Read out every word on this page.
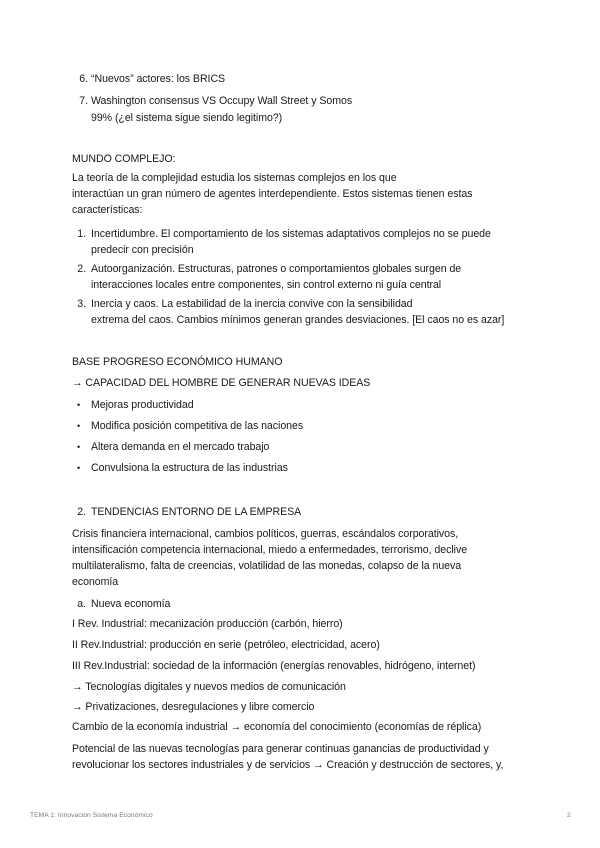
6. “Nuevos” actores: los BRICS
7. Washington consensus VS Occupy Wall Street y Somos
99% (¿el sistema sigue siendo legitimo?)
MUNDO COMPLEJO:
La teoría de la complejidad estudia los sistemas complejos en los que
interactúan un gran número de agentes interdependiente. Estos sistemas tienen estas
características:
1. Incertidumbre. El comportamiento de los sistemas adaptativos complejos no se puede
predecir con precisión
2. Autoorganización. Estructuras, patrones o comportamientos globales surgen de
interacciones locales entre componentes, sin control externo ni guía central
3. Inercia y caos. La estabilidad de la inercia convive con la sensibilidad
extrema del caos. Cambios mínimos generan grandes desviaciones. [El caos no es azar]
BASE PROGRESO ECONÓMICO HUMANO
→ CAPACIDAD DEL HOMBRE DE GENERAR NUEVAS IDEAS
• Mejoras productividad
• Modifica posición competitiva de las naciones
• Altera demanda en el mercado trabajo
• Convulsiona la estructura de las industrias
2. TENDENCIAS ENTORNO DE LA EMPRESA
Crisis financiera internacional, cambios políticos, guerras, escándalos corporativos,
intensificación competencia internacional, miedo a enfermedades, terrorismo, declive
multilateralismo, falta de creencias, volatilidad de las monedas, colapso de la nueva
economía
a. Nueva economía
I Rev. Industrial: mecanización producción (carbón, hierro)
II Rev.Industrial: producción en serie (petróleo, electricidad, acero)
III Rev.Industrial: sociedad de la información (energías renovables, hidrógeno, internet)
→ Tecnologías digitales y nuevos medios de comunicación
→ Privatizaciones, desregulaciones y libre comercio
Cambio de la economía industrial → economía del conocimiento (economías de réplica)
Potencial de las nuevas tecnologías para generar continuas ganancias de productividad y
revolucionar los sectores industriales y de servicios → Creación y destrucción de sectores, y,
TEMA 1: Innovacion Sistema Económico	2
